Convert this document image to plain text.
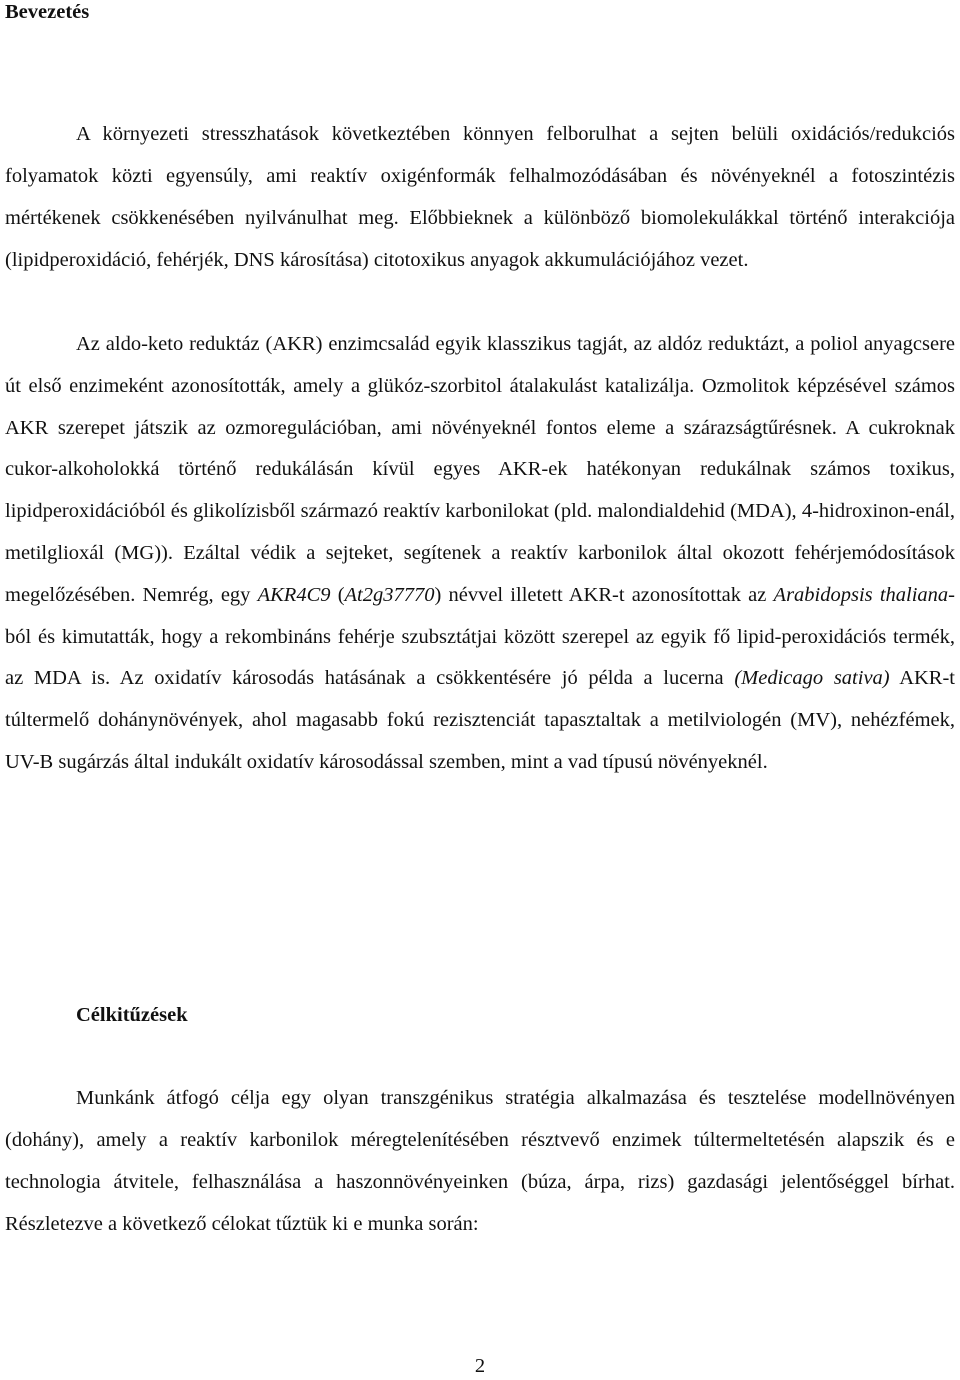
Bevezetés

A környezeti stresszhatások következtében könnyen felborulhat a sejten belüli oxidációs/redukciós folyamatok közti egyensúly, ami reaktív oxigénformák felhalmozódásában és növényeknél a fotoszintézis mértékenek csökkenésében nyilvánulhat meg. Előbbieknek a különböző biomolekulákkal történő interakciója (lipidperoxidáció, fehérjék, DNS károsítása) citotoxikus anyagok akkumulációjához vezet.

Az aldo-keto reduktáz (AKR) enzimcsalád egyik klasszikus tagját, az aldóz reduktázt, a poliol anyagcsere út első enzimeként azonosították, amely a glükóz-szorbitol átalakulást katalizálja. Ozmolitok képzésével számos AKR szerepet játszik az ozmoregulációban, ami növényeknél fontos eleme a szárazságtűrésnek. A cukroknak cukor-alkoholokká történő redukálásán kívül egyes AKR-ek hatékonyan redukálnak számos toxikus, lipidperoxidációból és glikolízisből származó reaktív karbonilokat (pld. malondialdehid (MDA), 4-hidroxinon-enál, metilglioxál (MG)). Ezáltal védik a sejteket, segítenek a reaktív karbonilok által okozott fehérjemódosítások megelőzésében. Nemrég, egy AKR4C9 (At2g37770) névvel illetett AKR-t azonosítottak az Arabidopsis thaliana-ból és kimutatták, hogy a rekombináns fehérje szubsztátjai között szerepel az egyik fő lipid-peroxidációs termék, az MDA is. Az oxidatív károsodás hatásának a csökkentésére jó példa a lucerna (Medicago sativa) AKR-t túltermelő dohánynövények, ahol magasabb fokú rezisztenciát tapasztaltak a metilviologén (MV), nehézfémek, UV-B sugárzás által indukált oxidatív károsodással szemben, mint a vad típusú növényeknél.

Célkitűzések

Munkánk átfogó célja egy olyan transzgénikus stratégia alkalmazása és tesztelése modellnövényen (dohány), amely a reaktív karbonilok méregtelenítésében résztvevő enzimek túltermeltetésén alapszik és e technologia átvitele, felhasználása a haszonnövényeinken (búza, árpa, rizs) gazdasági jelentőséggel bírhat. Részletezve a következő célokat tűztük ki e munka során:

2
